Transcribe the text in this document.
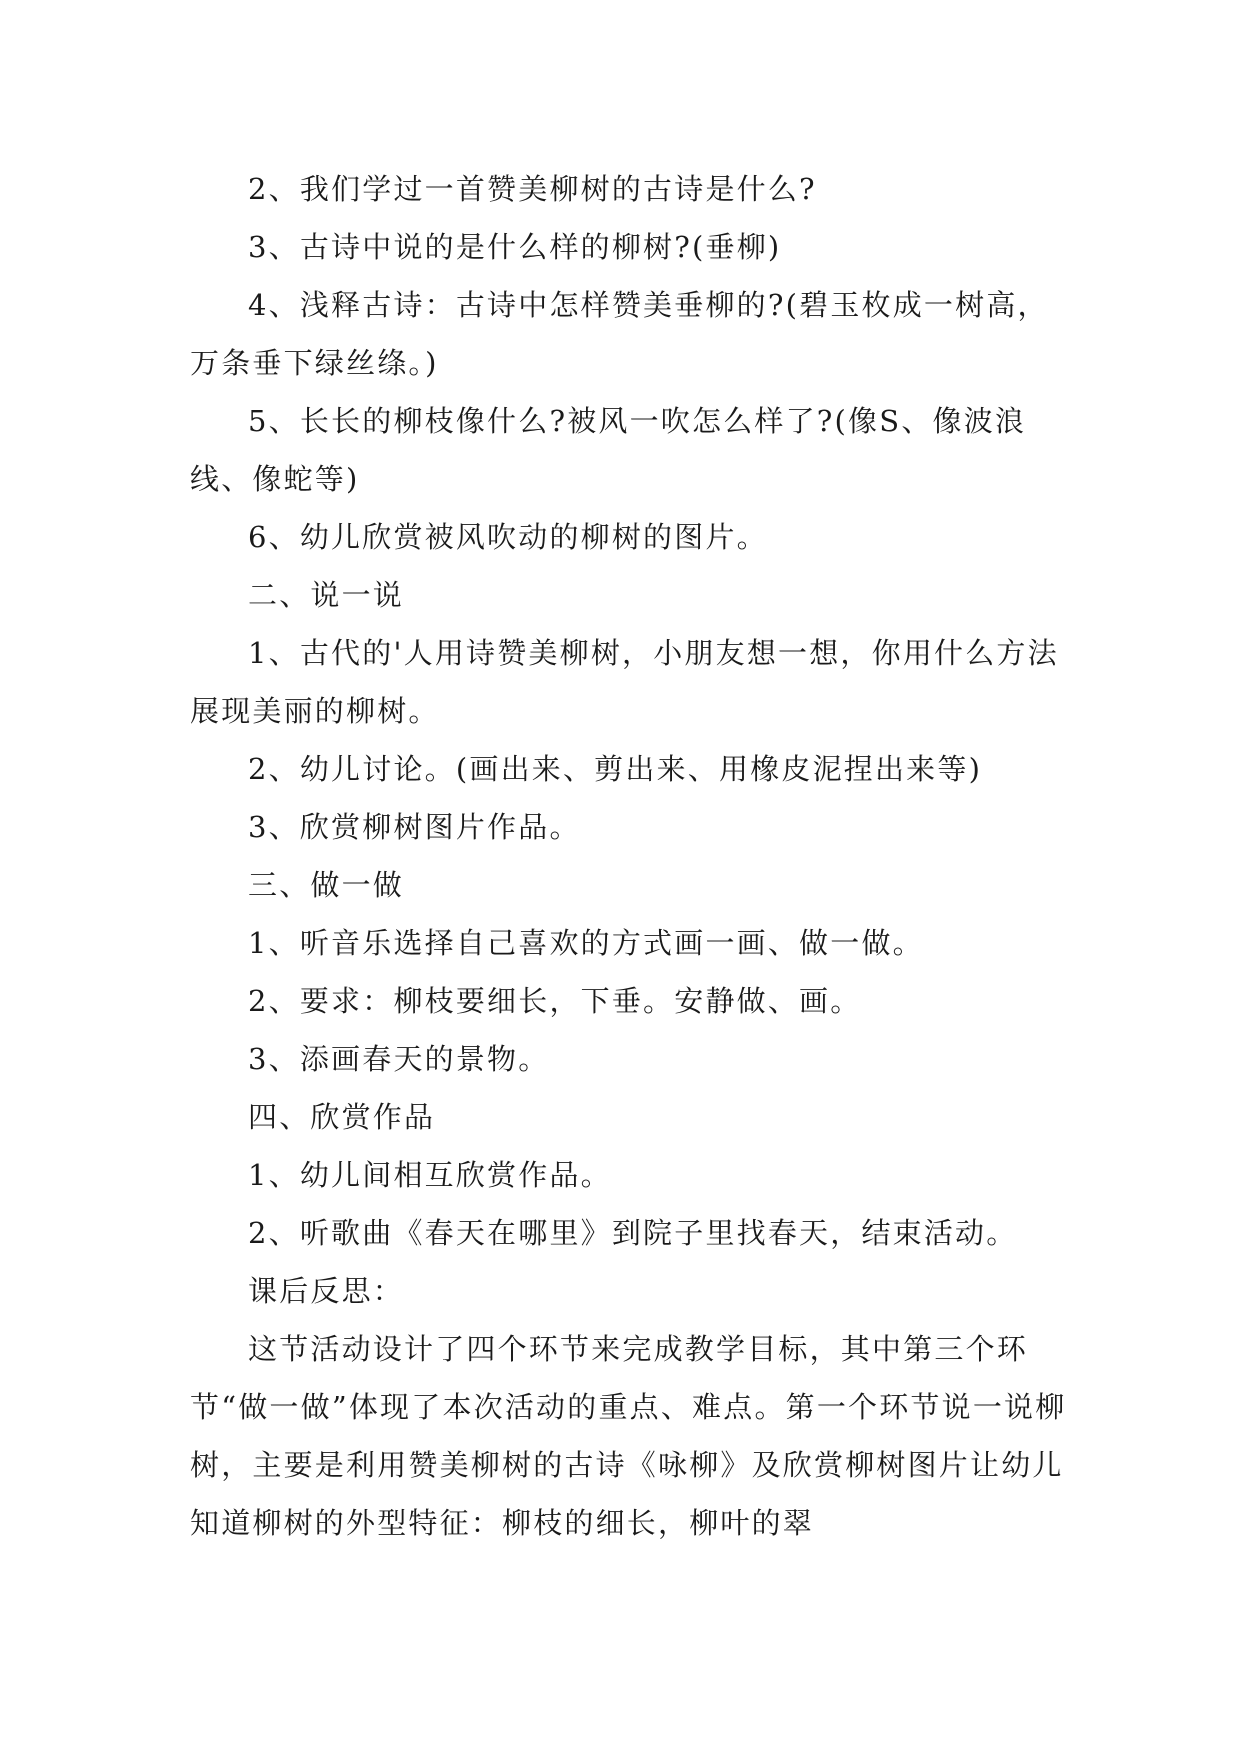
2、我们学过一首赞美柳树的古诗是什么?

3、古诗中说的是什么样的柳树?(垂柳)

4、浅释古诗：古诗中怎样赞美垂柳的?(碧玉枚成一树高，万条垂下绿丝绦。)

5、长长的柳枝像什么?被风一吹怎么样了?(像S、像波浪线、像蛇等)

6、幼儿欣赏被风吹动的柳树的图片。

二、说一说

1、古代的'人用诗赞美柳树，小朋友想一想，你用什么方法展现美丽的柳树。

2、幼儿讨论。(画出来、剪出来、用橡皮泥捏出来等)

3、欣赏柳树图片作品。

三、做一做

1、听音乐选择自己喜欢的方式画一画、做一做。

2、要求：柳枝要细长，下垂。安静做、画。

3、添画春天的景物。

四、欣赏作品

1、幼儿间相互欣赏作品。

2、听歌曲《春天在哪里》到院子里找春天，结束活动。

课后反思：

这节活动设计了四个环节来完成教学目标，其中第三个环节“做一做”体现了本次活动的重点、难点。第一个环节说一说柳树，主要是利用赞美柳树的古诗《咏柳》及欣赏柳树图片让幼儿知道柳树的外型特征：柳枝的细长，柳叶的翠
